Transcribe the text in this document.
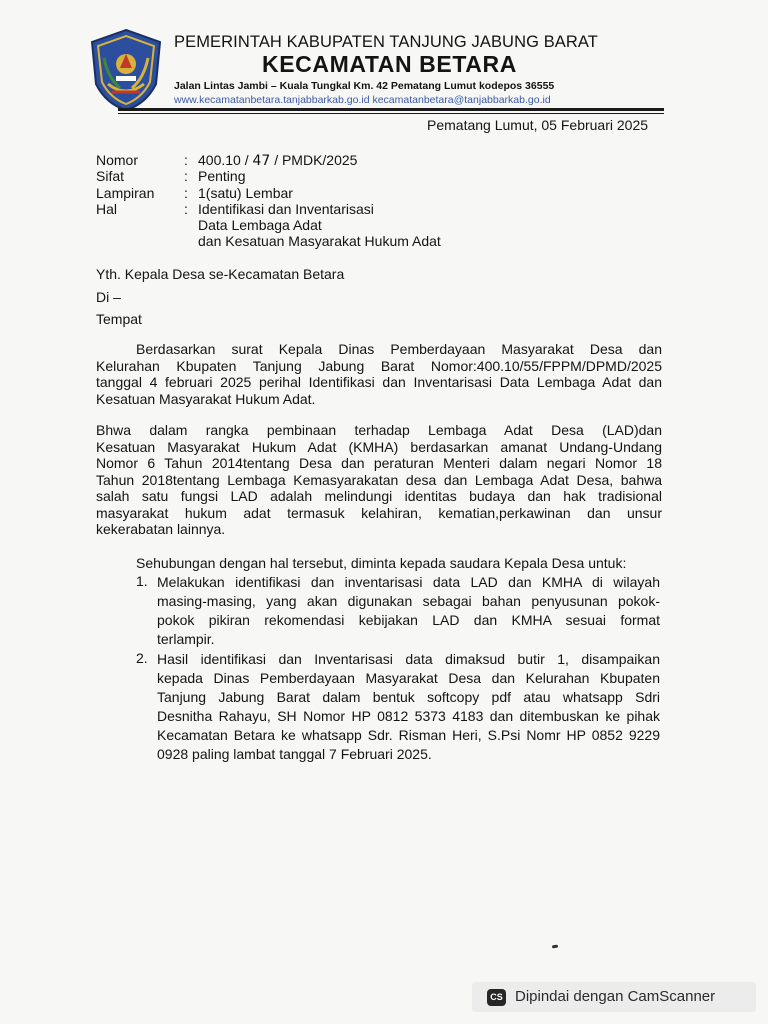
PEMERINTAH KABUPATEN TANJUNG JABUNG BARAT
KECAMATAN BETARA
Jalan Lintas Jambi – Kuala Tungkal Km. 42 Pematang Lumut kodepos 36555
www.kecamatanbetara.tanjabbarkab.go.id kecamatanbetara@tanjabbarkab.go.id
Pematang Lumut, 05 Februari 2025
Nomor	: 400.10 / 𝟦𝟩 / PMDK/2025
Sifat	: Penting
Lampiran : 1(satu) Lembar
Hal	: Identifikasi dan Inventarisasi
Data Lembaga Adat
dan Kesatuan Masyarakat Hukum Adat
Yth. Kepala Desa se-Kecamatan Betara
Di –
Tempat
Berdasarkan surat Kepala Dinas Pemberdayaan Masyarakat Desa dan
Kelurahan Kbupaten Tanjung Jabung Barat Nomor:400.10/55/FPPM/DPMD/2025
tanggal 4 februari 2025 perihal Identifikasi dan Inventarisasi Data Lembaga Adat dan
Kesatuan Masyarakat Hukum Adat.
Bhwa dalam rangka pembinaan terhadap Lembaga Adat Desa (LAD)dan
Kesatuan Masyarakat Hukum Adat (KMHA) berdasarkan amanat Undang-Undang
Nomor 6 Tahun 2014tentang Desa dan peraturan Menteri dalam negari Nomor 18
Tahun 2018tentang Lembaga Kemasyarakatan desa dan Lembaga Adat Desa, bahwa
salah satu fungsi LAD adalah melindungi identitas budaya dan hak tradisional
masyarakat hukum adat termasuk kelahiran, kematian,perkawinan dan unsur
kekerabatan lainnya.
Sehubungan dengan hal tersebut, diminta kepada saudara Kepala Desa untuk:
1. Melakukan identifikasi dan inventarisasi data LAD dan KMHA di wilayah
masing-masing, yang akan digunakan sebagai bahan penyusunan pokok-
pokok pikiran rekomendasi kebijakan LAD dan KMHA sesuai format
terlampir.
2. Hasil identifikasi dan Inventarisasi data dimaksud butir 1, disampaikan
kepada Dinas Pemberdayaan Masyarakat Desa dan Kelurahan Kbupaten
Tanjung Jabung Barat dalam bentuk softcopy pdf atau whatsapp Sdri
Desnitha Rahayu, SH Nomor HP 0812 5373 4183 dan ditembuskan ke pihak
Kecamatan Betara ke whatsapp Sdr. Risman Heri, S.Psi Nomr HP 0852 9229
0928 paling lambat tanggal 7 Februari 2025.
CS Dipindai dengan CamScanner
